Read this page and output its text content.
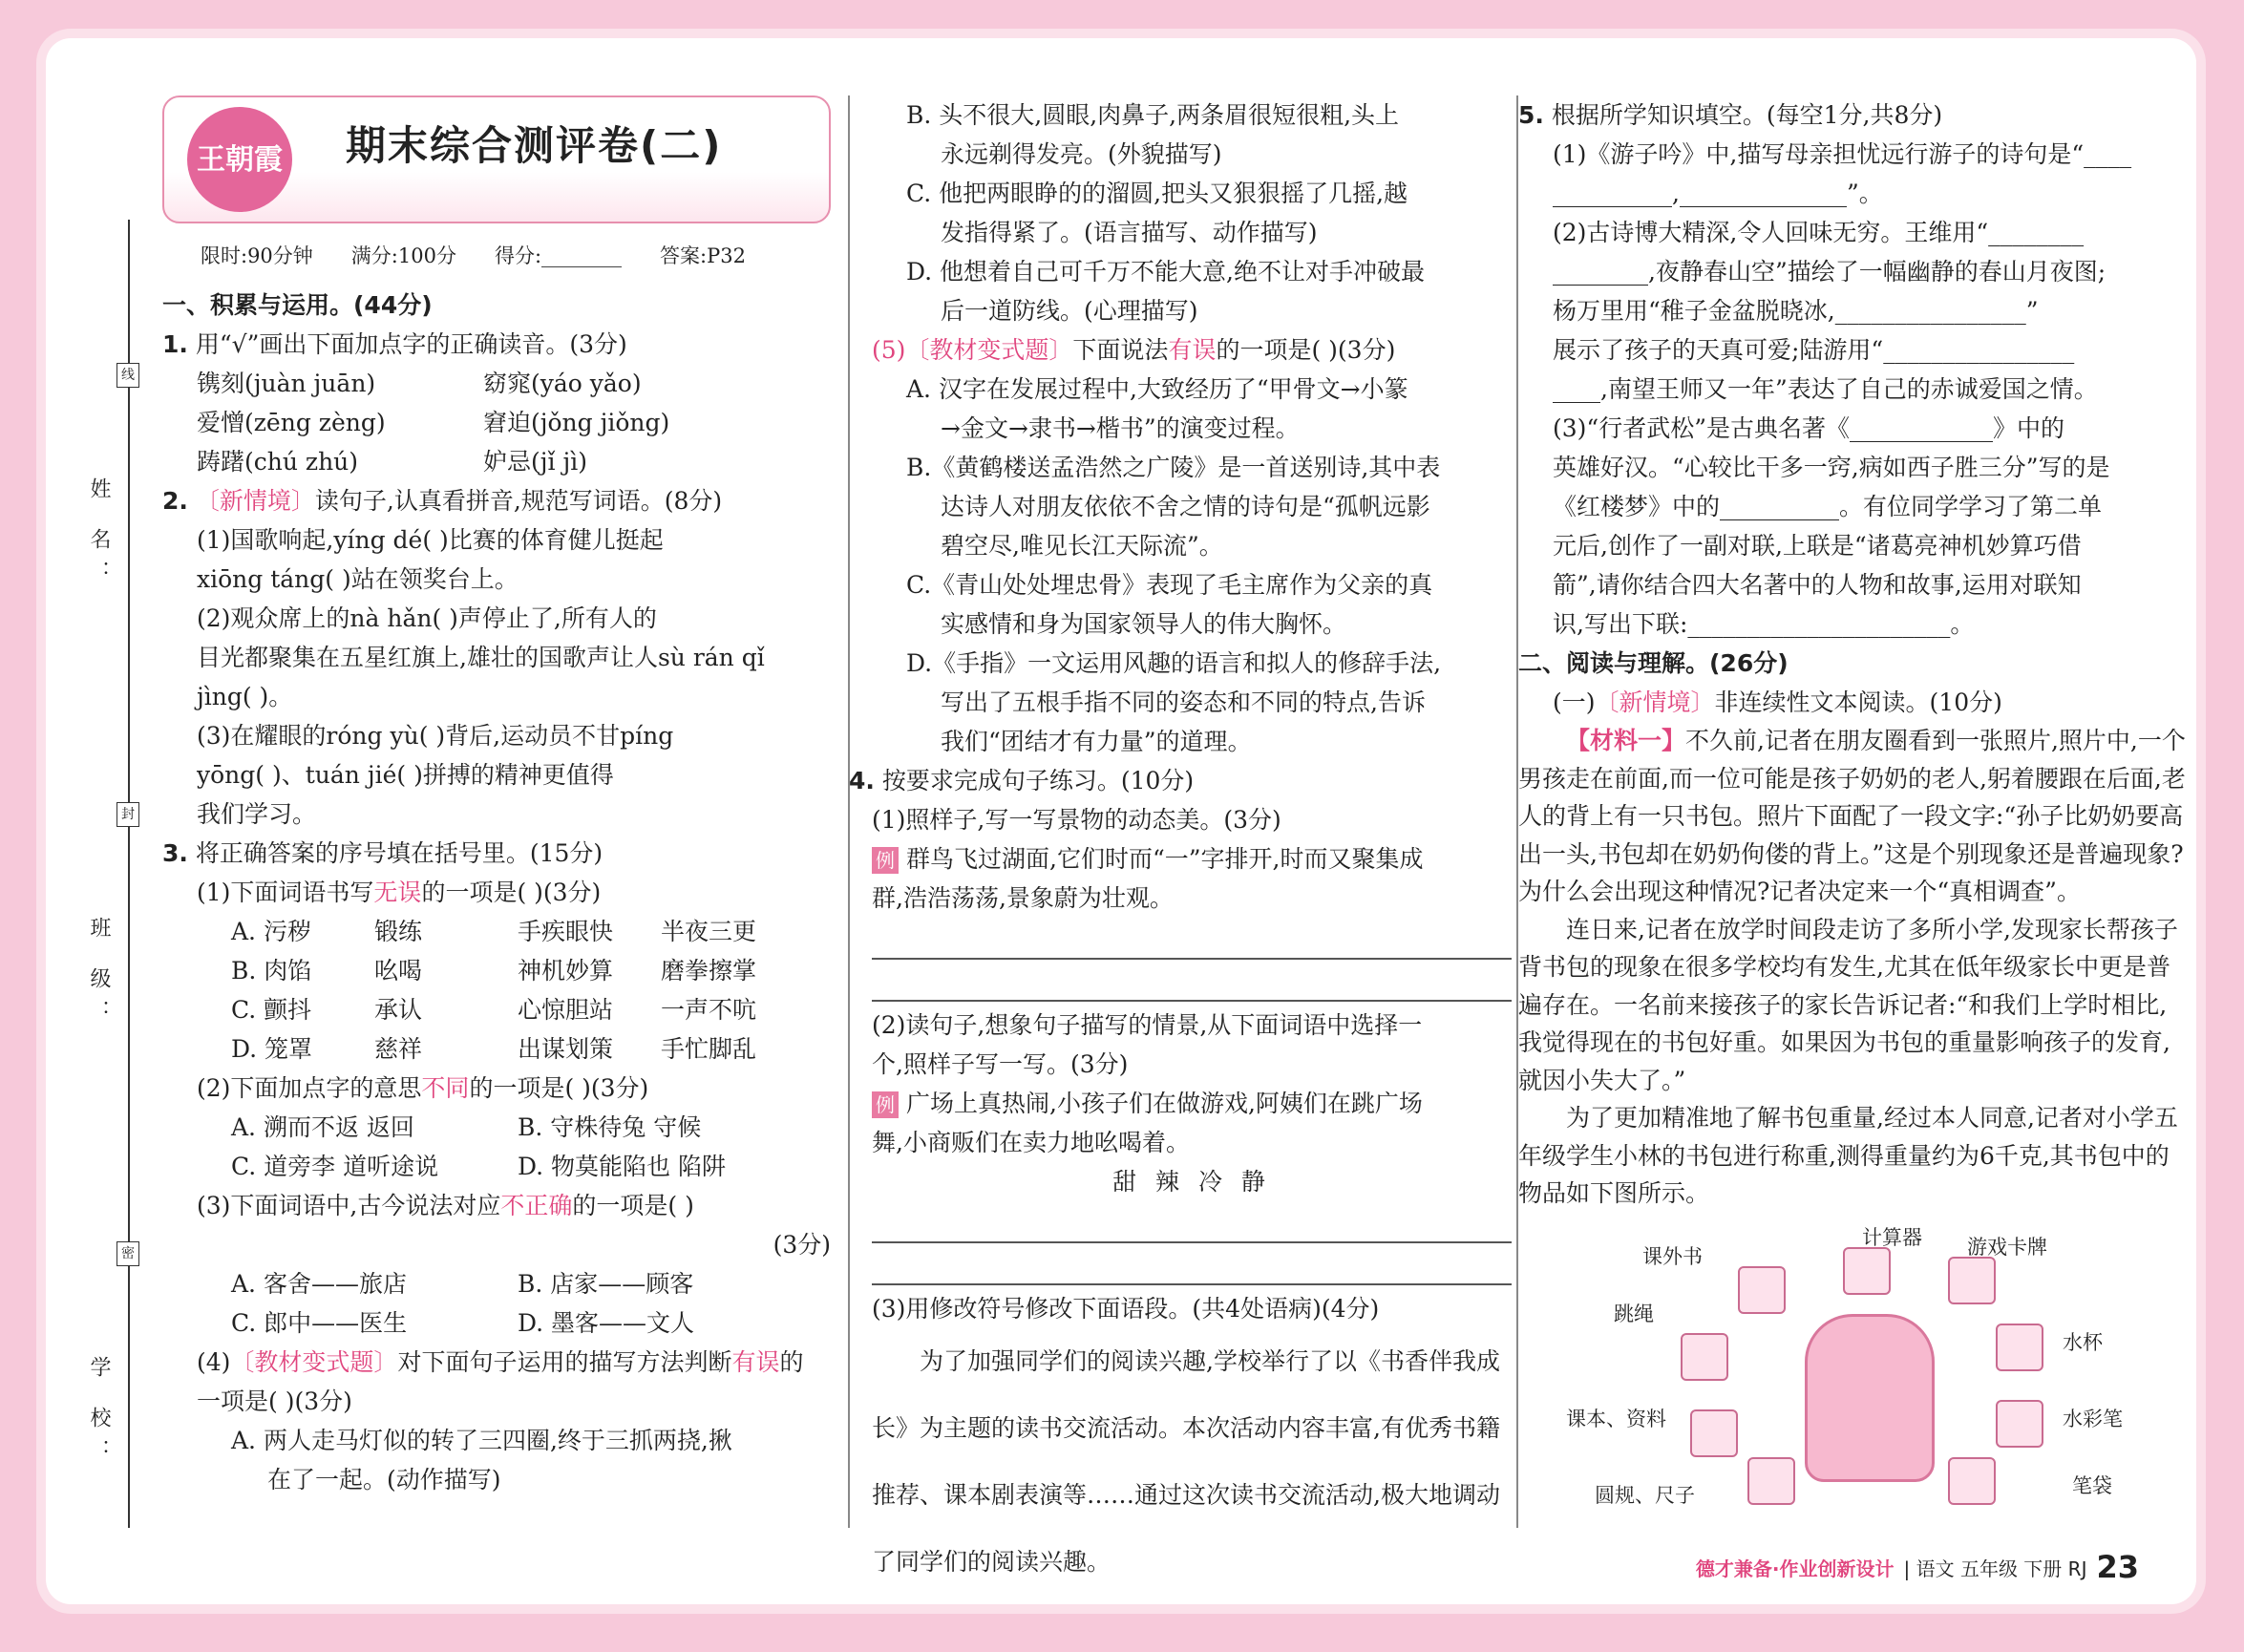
线
封
密
姓 名：
班 级：
学 校：
王朝霞 期末综合测评卷(二)
限时:90分钟 满分:100分 得分:________ 答案:P32
一、积累与运用。(44分)

1. 用“√”画出下面加点字的正确读音。(3分)

镌刻(juàn juān)	窈窕(yáo yǎo)
爱憎(zēng zèng)	窘迫(jǒng jiǒng)
踌躇(chú zhú)	妒忌(jǐ jì)

2. 〔新情境〕读句子,认真看拼音,规范写词语。(8分)

(1)国歌响起,yíng dé( )比赛的体育健儿挺起
xiōng táng( )站在领奖台上。
(2)观众席上的nà hǎn( )声停止了,所有人的
目光都聚集在五星红旗上,雄壮的国歌声让人sù rán qǐ
jìng( )。
(3)在耀眼的róng yù( )背后,运动员不甘píng
yōng( )、tuán jié( )拼搏的精神更值得
我们学习。

3. 将正确答案的序号填在括号里。(15分)

(1)下面词语书写无误的一项是( )(3分)
A. 污秽	锻练	手疾眼快	半夜三更
B. 肉馅	吆喝	神机妙算	磨拳擦掌
C. 颤抖	承认	心惊胆站	一声不吭
D. 笼罩	慈祥	出谋划策	手忙脚乱
(2)下面加点字的意思不同的一项是( )(3分)
A. 溯而不返 返回	B. 守株待兔 守候
C. 道旁李 道听途说	D. 物莫能陷也 陷阱
(3)下面词语中,古今说法对应不正确的一项是( )
(3分)
A. 客舍——旅店	B. 店家——顾客
C. 郎中——医生	D. 墨客——文人
(4)〔教材变式题〕对下面句子运用的描写方法判断有误的
一项是( )(3分)
A. 两人走马灯似的转了三四圈,终于三抓两挠,揪
在了一起。(动作描写)
B. 头不很大,圆眼,肉鼻子,两条眉很短很粗,头上
永远剃得发亮。(外貌描写)
C. 他把两眼睁的的溜圆,把头又狠狠摇了几摇,越
发指得紧了。(语言描写、动作描写)
D. 他想着自己可千万不能大意,绝不让对手冲破最
后一道防线。(心理描写)
(5)〔教材变式题〕下面说法有误的一项是( )(3分)
A. 汉字在发展过程中,大致经历了“甲骨文→小篆
→金文→隶书→楷书”的演变过程。
B.《黄鹤楼送孟浩然之广陵》是一首送别诗,其中表
达诗人对朋友依依不舍之情的诗句是“孤帆远影
碧空尽,唯见长江天际流”。
C.《青山处处埋忠骨》表现了毛主席作为父亲的真
实感情和身为国家领导人的伟大胸怀。
D.《手指》一文运用风趣的语言和拟人的修辞手法,
写出了五根手指不同的姿态和不同的特点,告诉
我们“团结才有力量”的道理。

4. 按要求完成句子练习。(10分)

(1)照样子,写一写景物的动态美。(3分)
例 群鸟飞过湖面,它们时而“一”字排开,时而又聚集成
群,浩浩荡荡,景象蔚为壮观。
(2)读句子,想象句子描写的情景,从下面词语中选择一
个,照样子写一写。(3分)
例 广场上真热闹,小孩子们在做游戏,阿姨们在跳广场
舞,小商贩们在卖力地吆喝着。
甜 辣 冷 静
(3)用修改符号修改下面语段。(共4处语病)(4分)
为了加强同学们的阅读兴趣,学校举行了以《书香伴我成长》为主题的读书交流活动。本次活动内容丰富,有优秀书籍推荐、课本剧表演等……通过这次读书交流活动,极大地调动了同学们的阅读兴趣。

5. 根据所学知识填空。(每空1分,共8分)

(1)《游子吟》中,描写母亲担忧远行游子的诗句是“____
__________,______________”。
(2)古诗博大精深,令人回味无穷。王维用“________
________,夜静春山空”描绘了一幅幽静的春山月夜图;
杨万里用“稚子金盆脱晓冰,________________”
展示了孩子的天真可爱;陆游用“________________
____,南望王师又一年”表达了自己的赤诚爱国之情。
(3)“行者武松”是古典名著《____________》中的
英雄好汉。“心较比干多一窍,病如西子胜三分”写的是
《红楼梦》中的__________。有位同学学习了第二单
元后,创作了一副对联,上联是“诸葛亮神机妙算巧借
箭”,请你结合四大名著中的人物和故事,运用对联知
识,写出下联:______________________。
二、阅读与理解。(26分)
(一)〔新情境〕非连续性文本阅读。(10分)
【材料一】不久前,记者在朋友圈看到一张照片,照片中,一个男孩走在前面,而一位可能是孩子奶奶的老人,躬着腰跟在后面,老人的背上有一只书包。照片下面配了一段文字:“孙子比奶奶要高出一头,书包却在奶奶佝偻的背上。”这是个别现象还是普遍现象?为什么会出现这种情况?记者决定来一个“真相调查”。
连日来,记者在放学时间段走访了多所小学,发现家长帮孩子背书包的现象在很多学校均有发生,尤其在低年级家长中更是普遍存在。一名前来接孩子的家长告诉记者:“和我们上学时相比,我觉得现在的书包好重。如果因为书包的重量影响孩子的发育,就因小失大了。”
为了更加精准地了解书包重量,经过本人同意,记者对小学五年级学生小林的书包进行称重,测得重量约为6千克,其书包中的物品如下图所示。
计算器 游戏卡牌
课外书
跳绳
水杯
课本、资料	水彩笔
圆规、尺子	笔袋
德才兼备·作业创新设计 | 语文 五年级 下册 RJ 23
